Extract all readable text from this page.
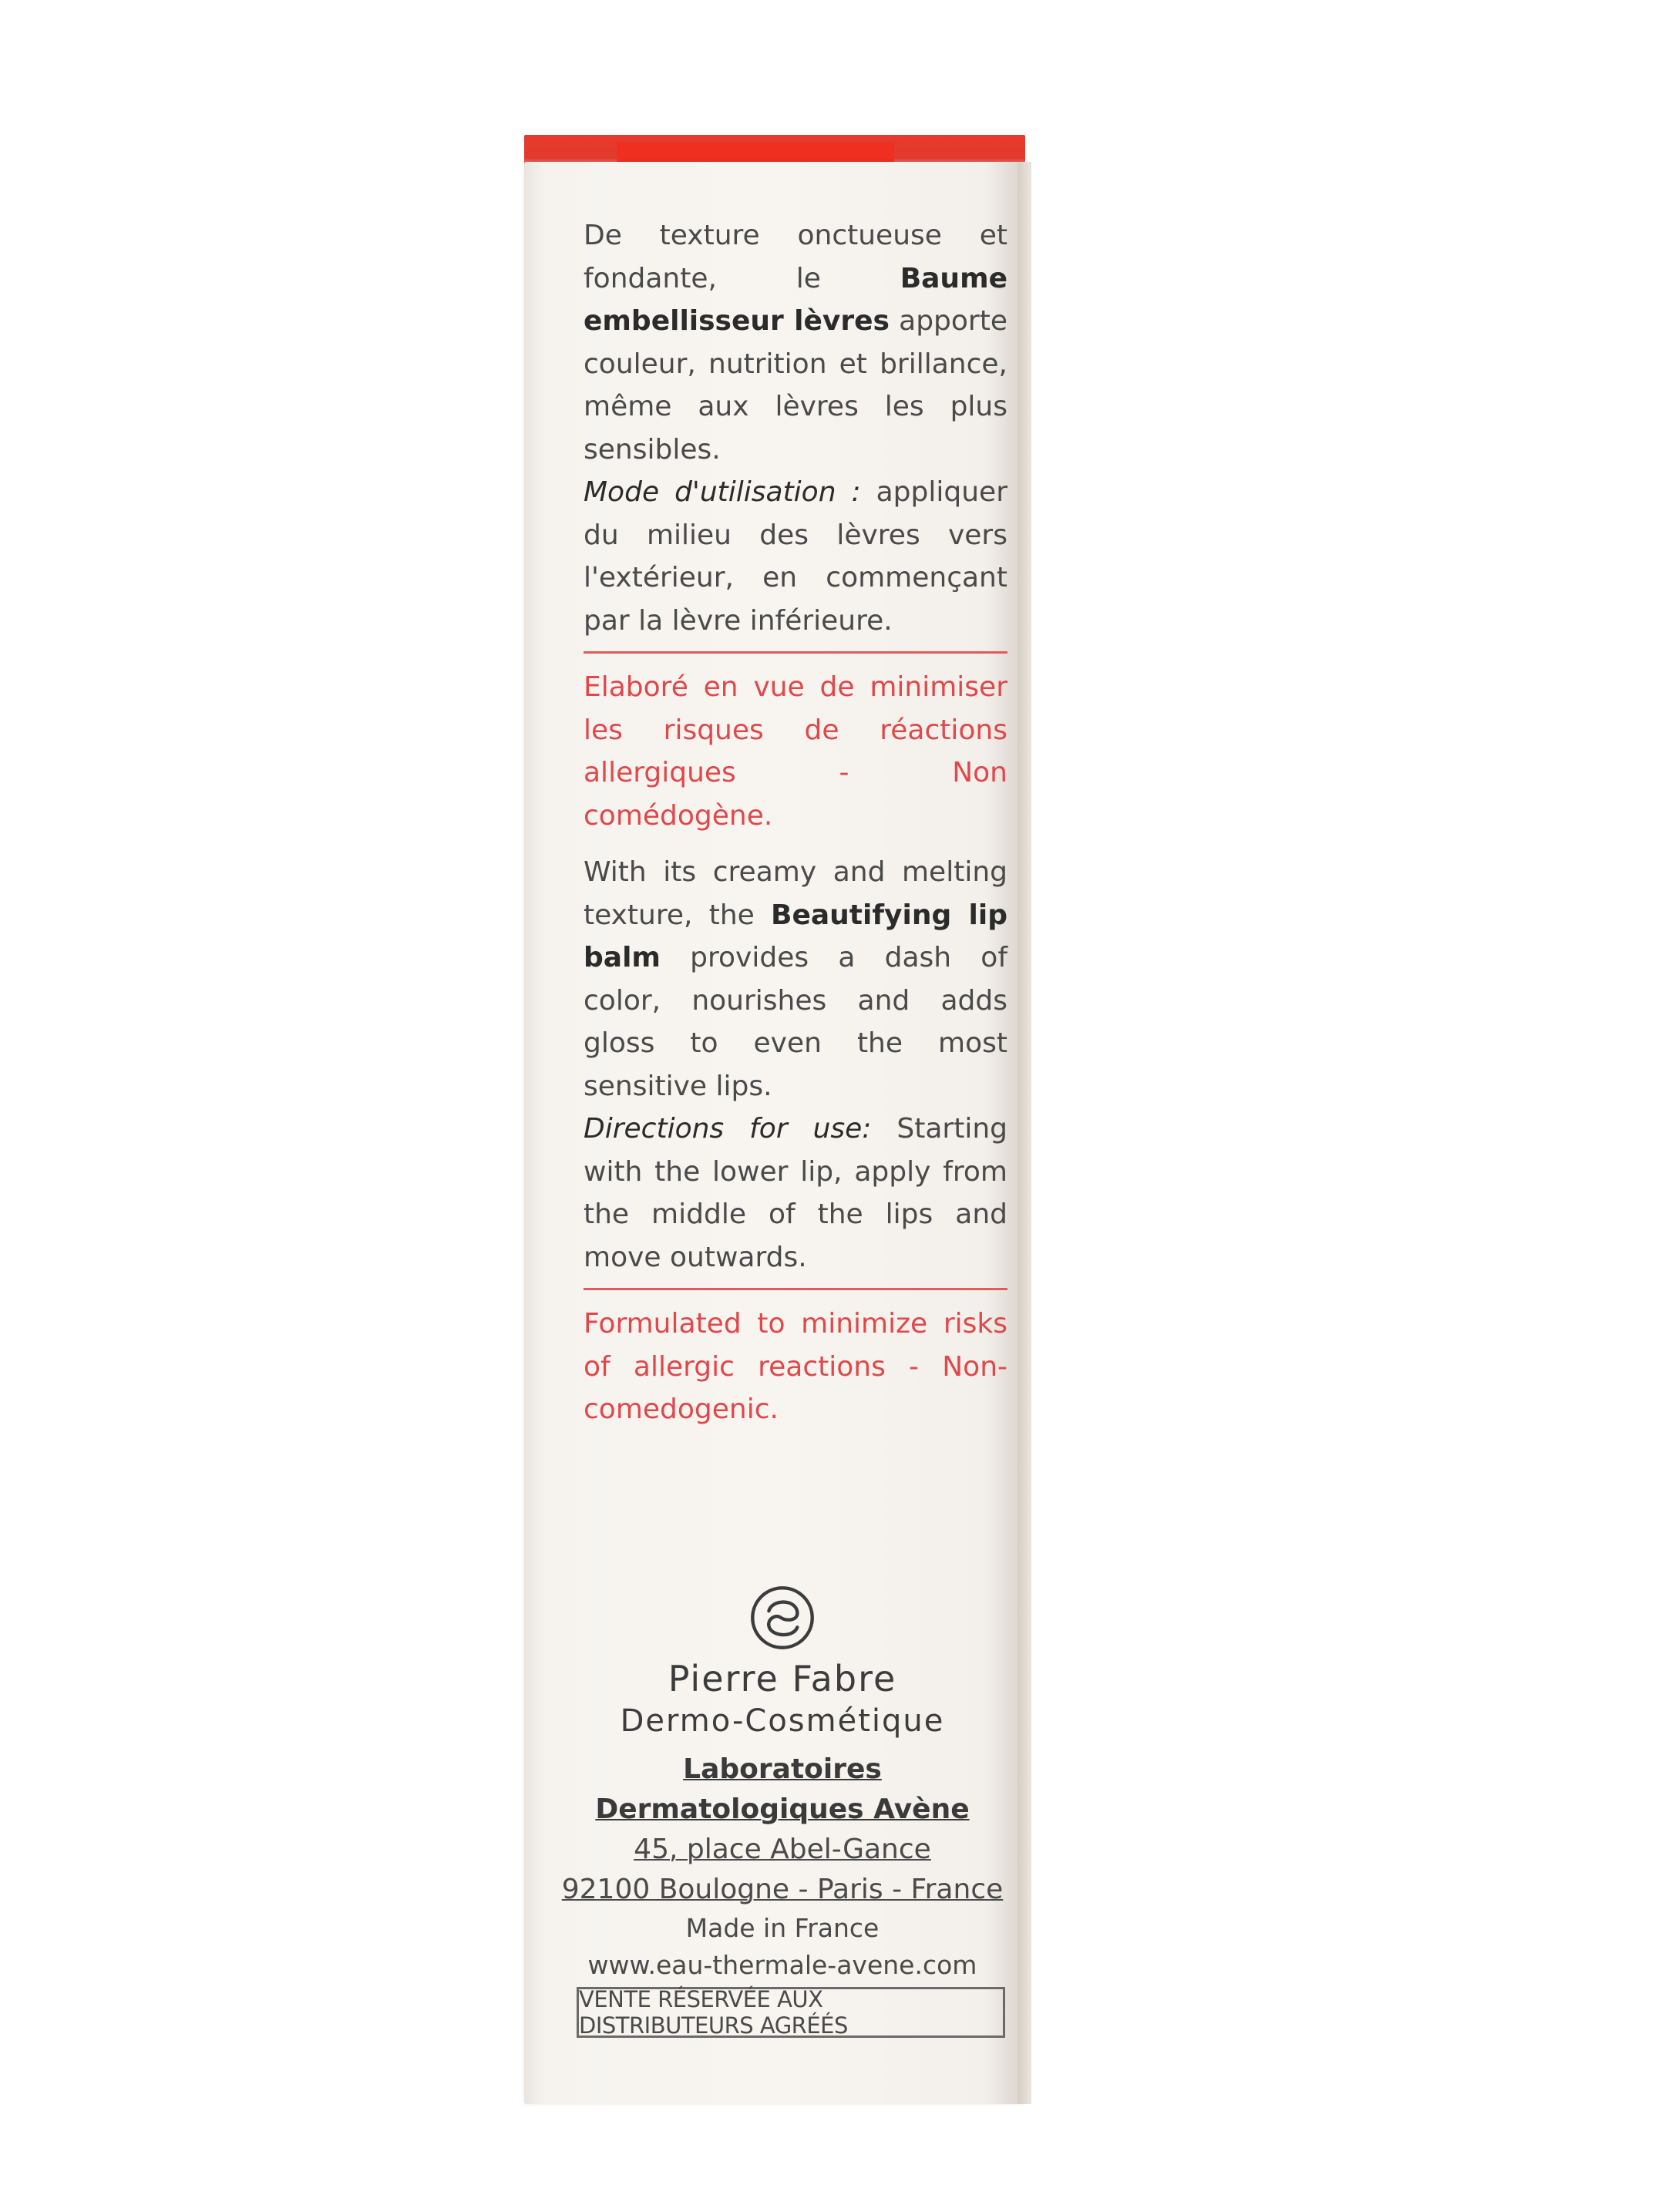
De texture onctueuse et fondante, le Baume embellisseur lèvres apporte couleur, nutrition et brillance, même aux lèvres les plus sensibles.
Mode d'utilisation : appliquer du milieu des lèvres vers l'extérieur, en commençant par la lèvre inférieure.

Elaboré en vue de minimiser les risques de réactions allergiques - Non comédogène.

With its creamy and melting texture, the Beautifying lip balm provides a dash of color, nourishes and adds gloss to even the most sensitive lips.
Directions for use: Starting with the lower lip, apply from the middle of the lips and move outwards.

Formulated to minimize risks of allergic reactions - Non-comedogenic.

Pierre Fabre
Dermo-Cosmétique
Laboratoires
Dermatologiques Avène
45, place Abel-Gance
92100 Boulogne - Paris - France
Made in France
www.eau-thermale-avene.com
VENTE RÉSERVÉE AUX DISTRIBUTEURS AGRÉÉS
